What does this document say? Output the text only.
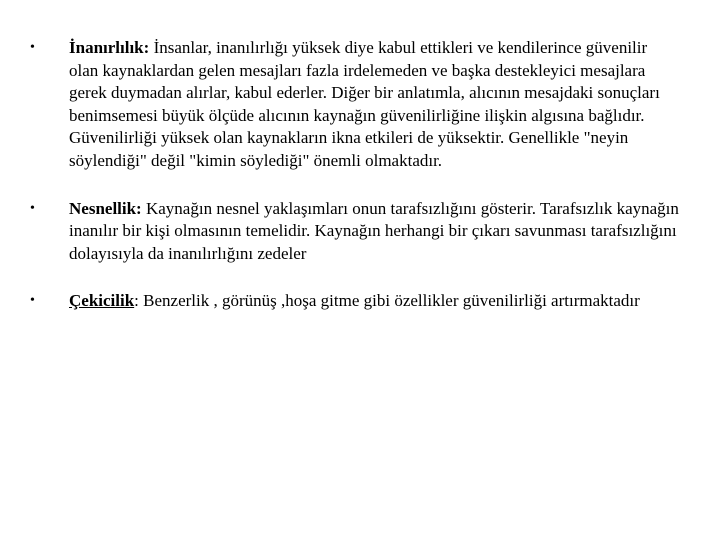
• İnanırlılık: İnsanlar, inanılırlığı yüksek diye kabul ettikleri ve kendilerince güvenilir olan kaynaklardan gelen mesajları fazla irdelemeden ve başka destekleyici mesajlara gerek duymadan alırlar, kabul ederler. Diğer bir anlatımla, alıcının mesajdaki sonuçları benimsemesi büyük ölçüde alıcının kaynağın güvenilirliğine ilişkin algısına bağlıdır. Güvenilirliği yüksek olan kaynakların ikna etkileri de yüksektir. Genellikle "neyin söylendiği" değil "kimin söylediği" önemli olmaktadır.
• Nesnellik: Kaynağın nesnel yaklaşımları onun tarafsızlığını gösterir. Tarafsızlık kaynağın inanılır bir kişi olmasının temelidir. Kaynağın herhangi bir çıkarı savunması tarafsızlığını dolayısıyla da inanılırlığını zedeler
• Çekicilik: Benzerlik , görünüş ,hoşa gitme gibi özellikler güvenilirliği artırmaktadır
